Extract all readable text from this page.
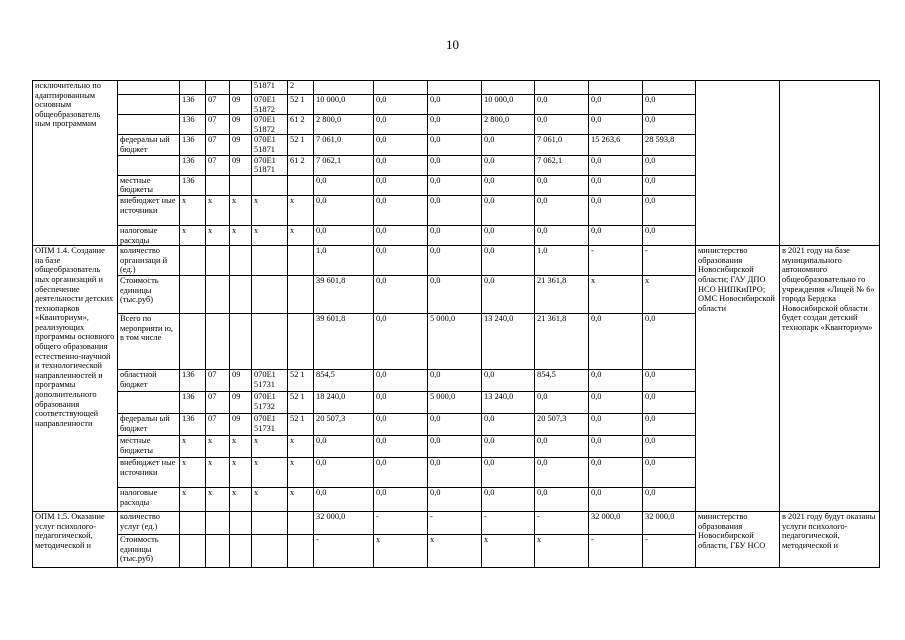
10
исключительно по адаптированным основным общеобразователь ным программам					51871	2									
		136	07	09	070E1 51872	52 1	10 000,0	0,0	0,0	10 000,0	0,0	0,0	0,0		
		136	07	09	070E1 51872	61 2	2 800,0	0,0	0,0	2 800,0	0,0	0,0	0,0		
	федеральн ый бюджет	136	07	09	070E1 51871	52 1	7 061,0	0,0	0,0	0,0	7 061,0	15 263,6	28 593,8		
		136	07	09	070E1 51871	61 2	7 062,1	0,0	0,0	0,0	7 062,1	0,0	0,0		
	местные бюджеты	136					0,0	0,0	0,0	0,0	0,0	0,0	0,0		
	внебюджет ные источники	x	x	x	x	x	0,0	0,0	0,0	0,0	0,0	0,0	0,0		
	налоговые расходы	x	x	x	x	x	0,0	0,0	0,0	0,0	0,0	0,0	0,0		
ОПМ 1.4. Создание на базе общеобразователь ных организаций и обеспечение деятельности детских технопарков «Кванториум», реализующих программы основного общего образования естественно-научной и технологической направленностей и программы дополнительного образования соответствующей направленности	количество организаци й (ед.)						1,0	0,0	0,0	0,0	1,0	-	-	министерство образования Новосибирской области; ГАУ ДПО НСО НИПКиПРО; ОМС Новосибирской области	в 2021 году на базе муниципального автономного общеобразовательно го учреждения «Лицей № 6» города Бердска Новосибирской области будет создан детский технопарк «Кванториум»
	Стоимость единицы (тыс.руб)						39 601,8	0,0	0,0	0,0	21 361,8	x	x		
	Всего по мероприяти ю, в том числе						39 601,8	0,0	5 000,0	13 240,0	21 361,8	0,0	0,0		
	областной бюджет	136	07	09	070E1 51731	52 1	854,5	0,0	0,0	0,0	854,5	0,0	0,0		
		136	07	09	070E1 51732	52 1	18 240,0	0,0	5 000,0	13 240,0	0,0	0,0	0,0		
	федеральн ый бюджет	136	07	09	070E1 51731	52 1	20 507,3	0,0	0,0	0,0	20 507,3	0,0	0,0		
	местные бюджеты	x	x	x	x	x	0,0	0,0	0,0	0,0	0,0	0,0	0,0		
	внебюджет ные источники	x	x	x	x	x	0,0	0,0	0,0	0,0	0,0	0,0	0,0		
	налоговые расходы	x	x	x	x	x	0,0	0,0	0,0	0,0	0,0	0,0	0,0		
ОПМ 1.5. Оказание услуг психолого-педагогической, методической и	количество услуг (ед.)						32 000,0	-	-	-	-	32 000,0	32 000,0	министерство образования Новосибирской области, ГБУ НСО	в 2021 году будут оказаны услуги психолого-педагогической, методической и
	Стоимость единицы (тыс.руб)						-	x	x	x	x	-	-		
